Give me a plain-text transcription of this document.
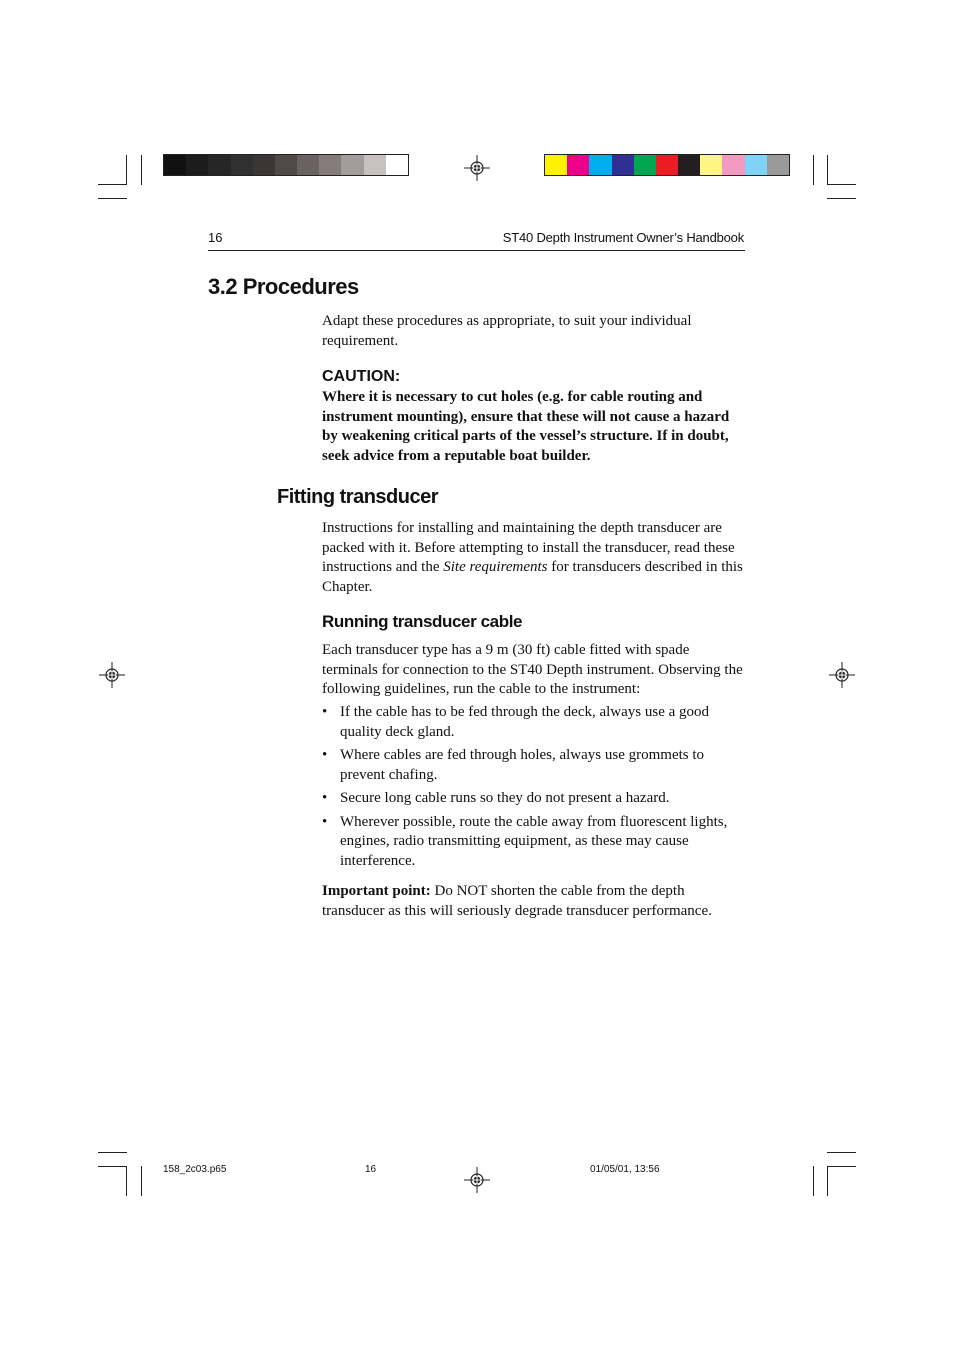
16	ST40 Depth Instrument Owner’s Handbook
3.2 Procedures
Adapt these procedures as appropriate, to suit your individual requirement.
CAUTION:
Where it is necessary to cut holes (e.g. for cable routing and instrument mounting), ensure that these will not cause a hazard by weakening critical parts of the vessel’s structure. If in doubt, seek advice from a reputable boat builder.
Fitting transducer
Instructions for installing and maintaining the depth transducer are packed with it. Before attempting to install the transducer, read these instructions and the Site requirements for transducers described in this Chapter.
Running transducer cable
Each transducer type has a 9 m (30 ft) cable fitted with spade terminals for connection to the ST40 Depth instrument. Observing the following guidelines, run the cable to the instrument:
• If the cable has to be fed through the deck, always use a good quality deck gland.
• Where cables are fed through holes, always use grommets to prevent chafing.
• Secure long cable runs so they do not present a hazard.
• Wherever possible, route the cable away from fluorescent lights, engines, radio transmitting equipment, as these may cause interference.
Important point: Do NOT shorten the cable from the depth transducer as this will seriously degrade transducer performance.
158_2c03.p65	16	01/05/01, 13:56
